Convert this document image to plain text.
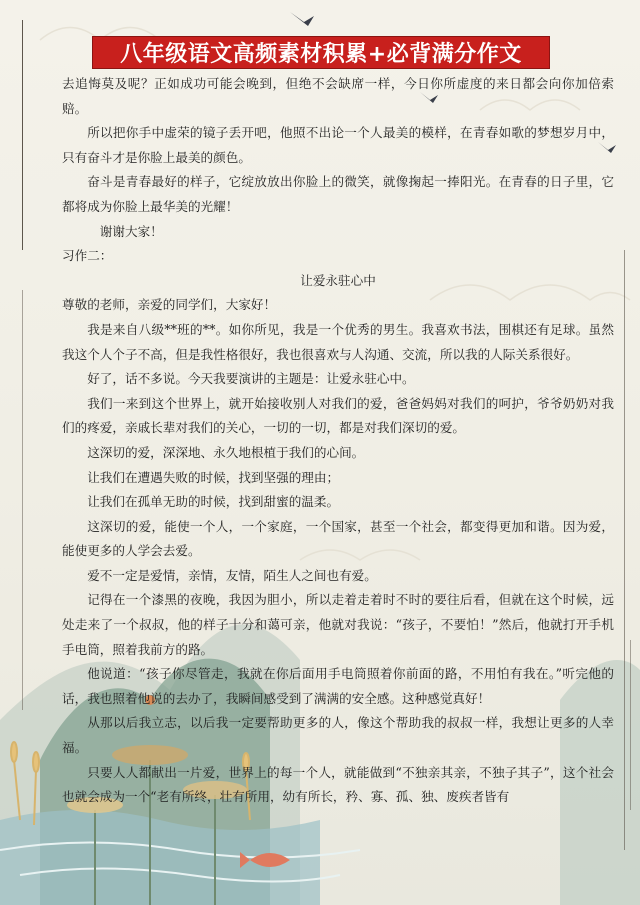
八年级语文高频素材积累+必背满分作文

去追悔莫及呢？正如成功可能会晚到，但绝不会缺席一样，今日你所虚度的来日都会向你加倍索赔。

所以把你手中虚荣的镜子丢开吧，他照不出论一个人最美的模样，在青春如歌的梦想岁月中，只有奋斗才是你脸上最美的颜色。

奋斗是青春最好的样子，它绽放放出你脸上的微笑，就像掬起一捧阳光。在青春的日子里，它都将成为你脸上最华美的光耀！

谢谢大家！

习作二：

让爱永驻心中

尊敬的老师，亲爱的同学们，大家好！

我是来自八级**班的**。如你所见，我是一个优秀的男生。我喜欢书法，围棋还有足球。虽然我这个人个子不高，但是我性格很好，我也很喜欢与人沟通、交流，所以我的人际关系很好。

好了，话不多说。今天我要演讲的主题是：让爱永驻心中。

我们一来到这个世界上，就开始接收别人对我们的爱，爸爸妈妈对我们的呵护，爷爷奶奶对我们的疼爱，亲戚长辈对我们的关心，一切的一切，都是对我们深切的爱。

这深切的爱，深深地、永久地根植于我们的心间。

让我们在遭遇失败的时候，找到坚强的理由；

让我们在孤单无助的时候，找到甜蜜的温柔。

这深切的爱，能使一个人，一个家庭，一个国家，甚至一个社会，都变得更加和谐。因为爱，能使更多的人学会去爱。

爱不一定是爱情，亲情，友情，陌生人之间也有爱。

记得在一个漆黑的夜晚，我因为胆小，所以走着走着时不时的要往后看，但就在这个时候，远处走来了一个叔叔，他的样子十分和蔼可亲，他就对我说：“孩子，不要怕！”然后，他就打开手机手电筒，照着我前方的路。

他说道：“孩子你尽管走，我就在你后面用手电筒照着你前面的路，不用怕有我在。”听完他的话，我也照着他说的去办了，我瞬间感受到了满满的安全感。这种感觉真好！

从那以后我立志，以后我一定要帮助更多的人，像这个帮助我的叔叔一样，我想让更多的人幸福。

只要人人都献出一片爱，世界上的每一个人，就能做到“不独亲其亲，不独子其子”，这个社会也就会成为一个“老有所终，壮有所用，幼有所长，矜、寡、孤、独、废疾者皆有
